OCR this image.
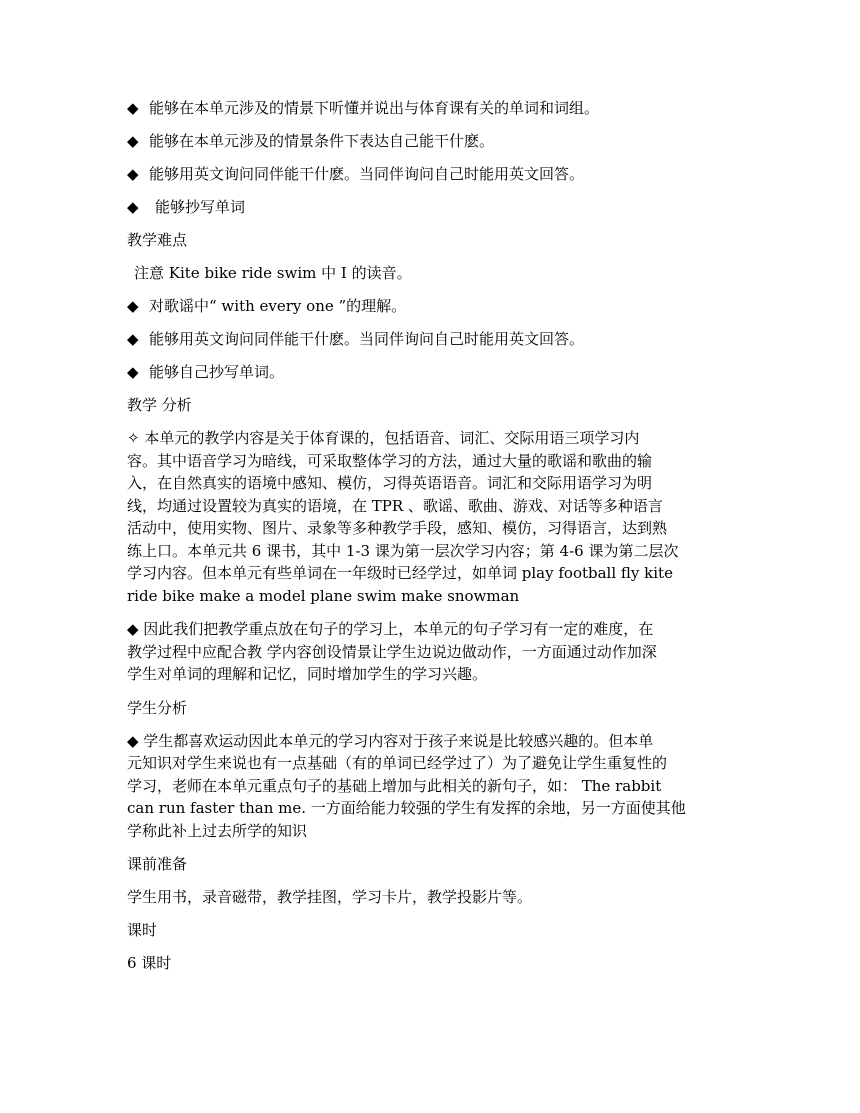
◆ 能够在本单元涉及的情景下听懂并说出与体育课有关的单词和词组。
◆ 能够在本单元涉及的情景条件下表达自己能干什麽。
◆ 能够用英文询问同伴能干什麽。当同伴询问自己时能用英文回答。
◆ 能够抄写单词
教学难点
注意 Kite bike ride swim 中 I 的读音。
◆ 对歌谣中“ with every one ”的理解。
◆ 能够用英文询问同伴能干什麽。当同伴询问自己时能用英文回答。
◆ 能够自己抄写单词。
教学 分析
✧ 本单元的教学内容是关于体育课的，包括语音、词汇、交际用语三项学习内
容。其中语音学习为暗线，可采取整体学习的方法，通过大量的歌谣和歌曲的输
入，在自然真实的语境中感知、模仿，习得英语语音。词汇和交际用语学习为明
线，均通过设置较为真实的语境，在 TPR 、歌谣、歌曲、游戏、对话等多种语言
活动中，使用实物、图片、录象等多种教学手段，感知、模仿，习得语言，达到熟
练上口。本单元共 6 课书，其中 1-3 课为第一层次学习内容；第 4-6 课为第二层次
学习内容。但本单元有些单词在一年级时已经学过，如单词 play football fly kite
ride bike make a model plane swim make snowman
◆ 因此我们把教学重点放在句子的学习上，本单元的句子学习有一定的难度，在
教学过程中应配合教 学内容创设情景让学生边说边做动作，一方面通过动作加深
学生对单词的理解和记忆，同时增加学生的学习兴趣。
学生分析
◆ 学生都喜欢运动因此本单元的学习内容对于孩子来说是比较感兴趣的。但本单
元知识对学生来说也有一点基础（有的单词已经学过了）为了避免让学生重复性的
学习，老师在本单元重点句子的基础上增加与此相关的新句子，如： The rabbit
can run faster than me. 一方面给能力较强的学生有发挥的余地，另一方面使其他
学称此补上过去所学的知识
课前准备
学生用书，录音磁带，教学挂图，学习卡片，教学投影片等。
课时
6 课时
